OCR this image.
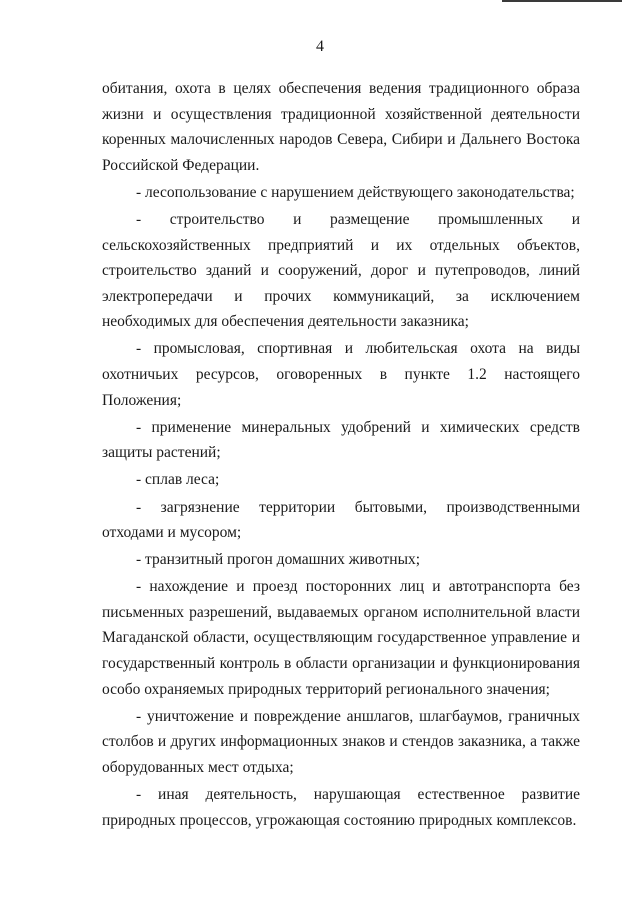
4

обитания, охота в целях обеспечения ведения традиционного образа жизни и осуществления традиционной хозяйственной деятельности коренных малочисленных народов Севера, Сибири и Дальнего Востока Российской Федерации.

- лесопользование с нарушением действующего законодательства;

- строительство и размещение промышленных и сельскохозяйственных предприятий и их отдельных объектов, строительство зданий и сооружений, дорог и путепроводов, линий электропередачи и прочих коммуникаций, за исключением необходимых для обеспечения деятельности заказника;

- промысловая, спортивная и любительская охота на виды охотничьих ресурсов, оговоренных в пункте 1.2 настоящего Положения;

- применение минеральных удобрений и химических средств защиты растений;

- сплав леса;

- загрязнение территории бытовыми, производственными отходами и мусором;

- транзитный прогон домашних животных;

- нахождение и проезд посторонних лиц и автотранспорта без письменных разрешений, выдаваемых органом исполнительной власти Магаданской области, осуществляющим государственное управление и государственный контроль в области организации и функционирования особо охраняемых природных территорий регионального значения;

- уничтожение и повреждение аншлагов, шлагбаумов, граничных столбов и других информационных знаков и стендов заказника, а также оборудованных мест отдыха;

- иная деятельность, нарушающая естественное развитие природных процессов, угрожающая состоянию природных комплексов.
